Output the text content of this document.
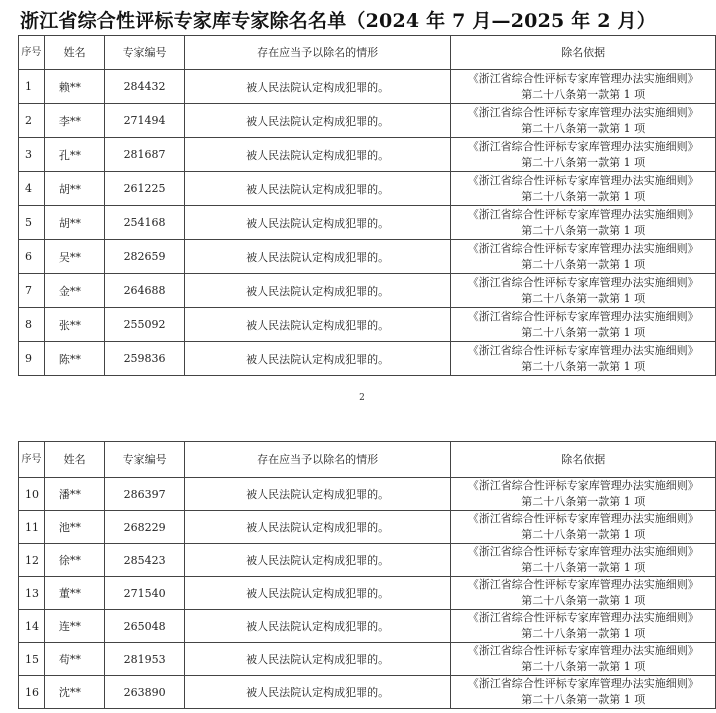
浙江省综合性评标专家库专家除名名单（2024 年 7 月—2025 年 2 月）
序号	姓名	专家编号	存在应当予以除名的情形	除名依据
1	赖**	284432	被人民法院认定构成犯罪的。	《浙江省综合性评标专家库管理办法实施细则》
第二十八条第一款第 1 项

2	李**	271494	被人民法院认定构成犯罪的。	《浙江省综合性评标专家库管理办法实施细则》
第二十八条第一款第 1 项

3	孔**	281687	被人民法院认定构成犯罪的。	《浙江省综合性评标专家库管理办法实施细则》
第二十八条第一款第 1 项

4	胡**	261225	被人民法院认定构成犯罪的。	《浙江省综合性评标专家库管理办法实施细则》
第二十八条第一款第 1 项

5	胡**	254168	被人民法院认定构成犯罪的。	《浙江省综合性评标专家库管理办法实施细则》
第二十八条第一款第 1 项

6	吴**	282659	被人民法院认定构成犯罪的。	《浙江省综合性评标专家库管理办法实施细则》
第二十八条第一款第 1 项

7	金**	264688	被人民法院认定构成犯罪的。	《浙江省综合性评标专家库管理办法实施细则》
第二十八条第一款第 1 项

8	张**	255092	被人民法院认定构成犯罪的。	《浙江省综合性评标专家库管理办法实施细则》
第二十八条第一款第 1 项

9	陈**	259836	被人民法院认定构成犯罪的。	《浙江省综合性评标专家库管理办法实施细则》
第二十八条第一款第 1 项
2
序号	姓名	专家编号	存在应当予以除名的情形	除名依据
10	潘**	286397	被人民法院认定构成犯罪的。	《浙江省综合性评标专家库管理办法实施细则》
第二十八条第一款第 1 项

11	池**	268229	被人民法院认定构成犯罪的。	《浙江省综合性评标专家库管理办法实施细则》
第二十八条第一款第 1 项

12	徐**	285423	被人民法院认定构成犯罪的。	《浙江省综合性评标专家库管理办法实施细则》
第二十八条第一款第 1 项

13	董**	271540	被人民法院认定构成犯罪的。	《浙江省综合性评标专家库管理办法实施细则》
第二十八条第一款第 1 项

14	连**	265048	被人民法院认定构成犯罪的。	《浙江省综合性评标专家库管理办法实施细则》
第二十八条第一款第 1 项

15	苟**	281953	被人民法院认定构成犯罪的。	《浙江省综合性评标专家库管理办法实施细则》
第二十八条第一款第 1 项

16	沈**	263890	被人民法院认定构成犯罪的。	《浙江省综合性评标专家库管理办法实施细则》
第二十八条第一款第 1 项
